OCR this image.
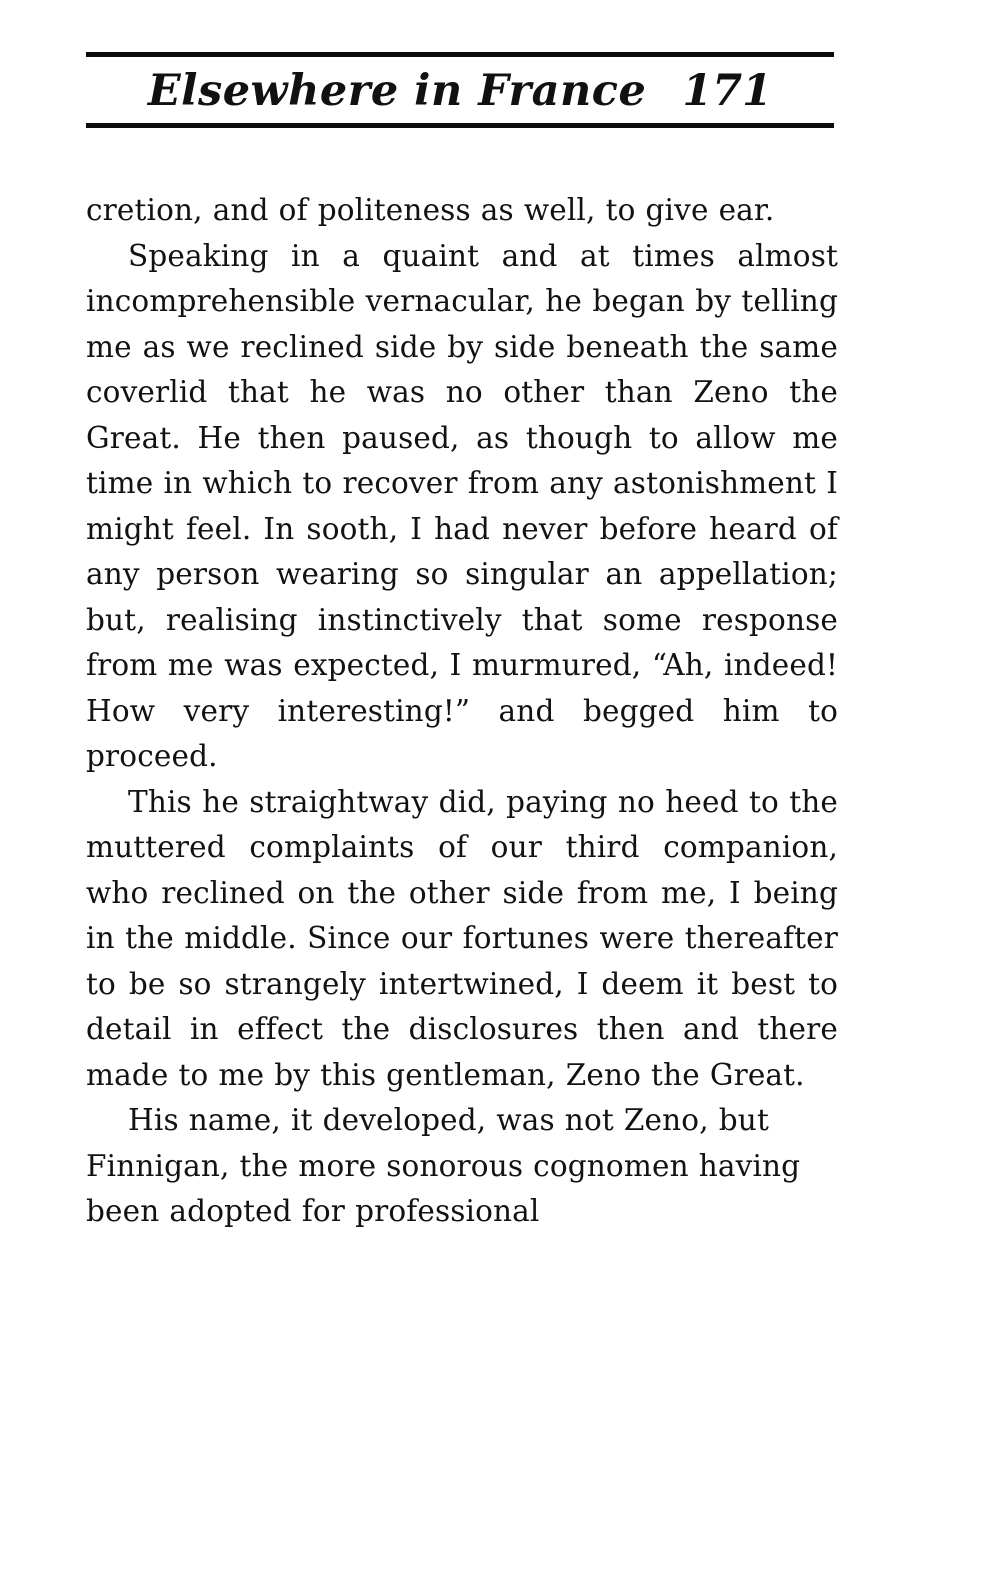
Elsewhere in France 171

cretion, and of politeness as well, to give ear.

Speaking in a quaint and at times almost incomprehensible vernacular, he began by telling me as we reclined side by side beneath the same coverlid that he was no other than Zeno the Great. He then paused, as though to allow me time in which to recover from any astonishment I might feel. In sooth, I had never before heard of any person wearing so singular an appellation; but, realising instinctively that some response from me was expected, I murmured, “Ah, indeed! How very interesting!” and begged him to proceed.

This he straightway did, paying no heed to the muttered complaints of our third companion, who reclined on the other side from me, I being in the middle. Since our fortunes were thereafter to be so strangely intertwined, I deem it best to detail in effect the disclosures then and there made to me by this gentleman, Zeno the Great.

His name, it developed, was not Zeno, but Finnigan, the more sonorous cognomen having been adopted for professional
